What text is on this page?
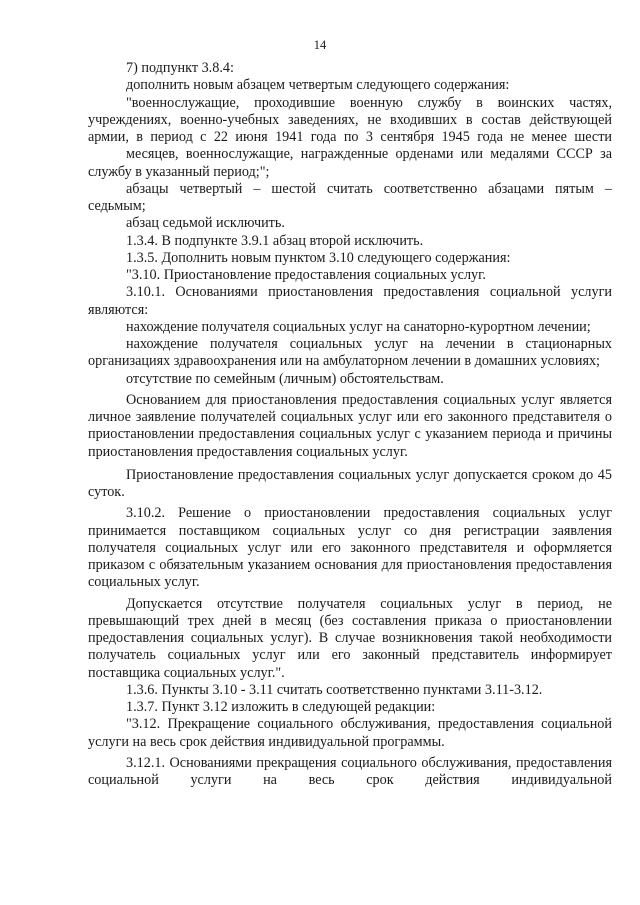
14

7) подпункт 3.8.4:

дополнить новым абзацем четвертым следующего содержания:

"военнослужащие, проходившие военную службу в воинских частях, учреждениях, военно-учебных заведениях, не входивших в состав действующей армии, в период с 22 июня 1941 года по 3 сентября 1945 года не менее шести

месяцев, военнослужащие, награжденные орденами или медалями СССР за службу в указанный период;";

абзацы четвертый – шестой считать соответственно абзацами пятым – седьмым;

абзац седьмой исключить.

1.3.4. В подпункте 3.9.1 абзац второй исключить.

1.3.5. Дополнить новым пунктом 3.10 следующего содержания:

"3.10. Приостановление предоставления социальных услуг.

3.10.1. Основаниями приостановления предоставления социальной услуги являются:

нахождение получателя социальных услуг на санаторно-курортном лечении;

нахождение получателя социальных услуг на лечении в стационарных организациях здравоохранения или на амбулаторном лечении в домашних условиях;

отсутствие по семейным (личным) обстоятельствам.

Основанием для приостановления предоставления социальных услуг является личное заявление получателей социальных услуг или его законного представителя о приостановлении предоставления социальных услуг с указанием периода и причины приостановления предоставления социальных услуг.

Приостановление предоставления социальных услуг допускается сроком до 45 суток.

3.10.2. Решение о приостановлении предоставления социальных услуг принимается поставщиком социальных услуг со дня регистрации заявления получателя социальных услуг или его законного представителя и оформляется приказом с обязательным указанием основания для приостановления предоставления социальных услуг.

Допускается отсутствие получателя социальных услуг в период, не превышающий трех дней в месяц (без составления приказа о приостановлении предоставления социальных услуг). В случае возникновения такой необходимости получатель социальных услуг или его законный представитель информирует поставщика социальных услуг.".

1.3.6. Пункты 3.10 - 3.11 считать соответственно пунктами 3.11-3.12.

1.3.7. Пункт 3.12 изложить в следующей редакции:

"3.12. Прекращение социального обслуживания, предоставления социальной услуги на весь срок действия индивидуальной программы.

3.12.1. Основаниями прекращения социального обслуживания, предоставления социальной услуги на весь срок действия индивидуальной
